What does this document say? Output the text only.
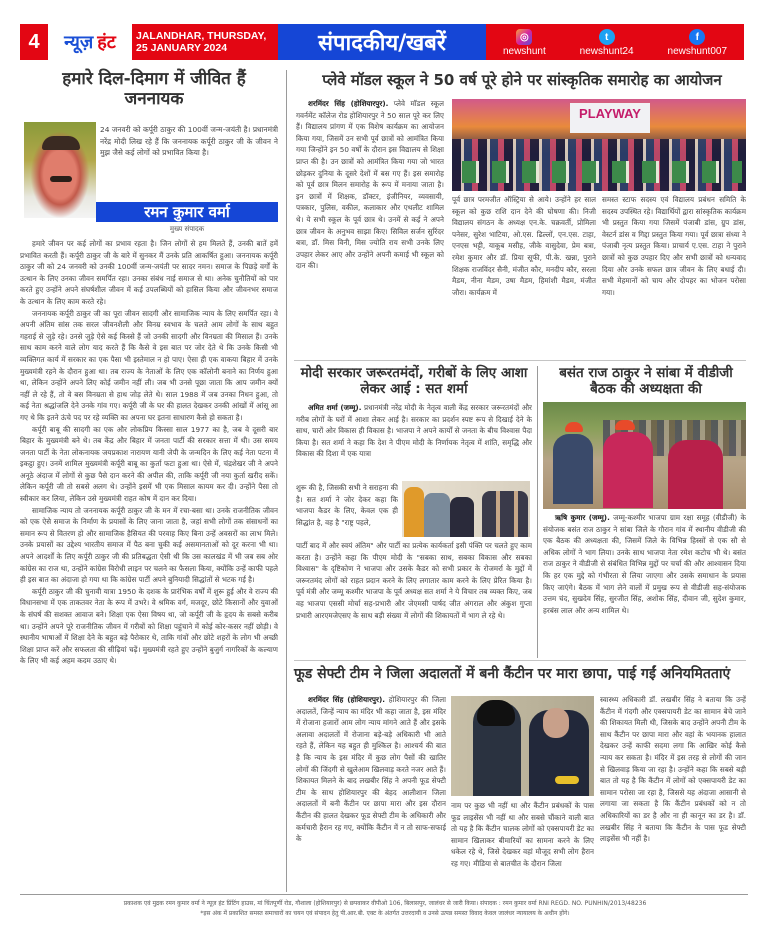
4	न्यूज़ हंट JALANDHAR, THURSDAY,
25 JANUARY 2024	संपादकीय/खबरें	◎
newshunt
t
newshunt24
f
newshunt007
हमारे दिल-दिमाग में जीवित हैं जननायक
24 जनवरी को कर्पूरी ठाकुर की 100वीं जन्म-जयंती है। प्रधानमंत्री नरेंद्र मोदी लिख रहे हैं कि जननायक कर्पूरी ठाकुर जी के जीवन ने मुझ जैसे कई लोगों को प्रभावित किया है।
रमन कुमार वर्मा
मुख्य संपादक

हमारे जीवन पर कई लोगों का प्रभाव रहता है। जिन लोगों से हम मिलते हैं, उनकी बातें हमें प्रभावित करती हैं। कर्पूरी ठाकुर जी के बारे में सुनकर मैं उनके प्रति आकर्षित हुआ। जननायक कर्पूरी ठाकुर जी को 24 जनवरी को उनकी 100वीं जन्म-जयंती पर सादर नमन। समाज के पिछड़े वर्गों के उत्थान के लिए उनका जीवन समर्पित रहा। उनका संबंध नाई समाज से था। अनेक चुनौतियों को पार करते हुए उन्होंने अपने संघर्षशील जीवन में कई उपलब्धियों को हासिल किया और जीवनभर समाज के उत्थान के लिए काम करते रहे।

जननायक कर्पूरी ठाकुर जी का पूरा जीवन सादगी और सामाजिक न्याय के लिए समर्पित रहा। वे अपनी अंतिम सांस तक सरल जीवनशैली और विनम्र स्वभाव के चलते आम लोगों के साथ बहुत गहराई से जुड़े रहे। उनसे जुड़े ऐसे कई किस्से हैं जो उनकी सादगी और विनम्रता की मिसाल हैं। उनके साथ काम करने वाले लोग याद करते हैं कि कैसे वे इस बात पर जोर देते थे कि उनके किसी भी व्यक्तिगत कार्य में सरकार का एक पैसा भी इस्तेमाल न हो पाए। ऐसा ही एक वाकया बिहार में उनके मुख्यमंत्री रहने के दौरान हुआ था। तब राज्य के नेताओं के लिए एक कॉलोनी बनाने का निर्णय हुआ था, लेकिन उन्होंने अपने लिए कोई जमीन नहीं ली। जब भी उनसे पूछा जाता कि आप जमीन क्यों नहीं ले रहे हैं, तो वे बस विनम्रता से हाथ जोड़ लेते थे। साल 1988 में जब उनका निधन हुआ, तो कई नेता श्रद्धांजलि देने उनके गांव गए। कर्पूरी जी के घर की हालत देखकर उनकी आंखों में आंसू आ गए थे कि इतने ऊंचे पद पर रहे व्यक्ति का अपना घर इतना साधारण कैसे हो सकता है।

कर्पूरी बाबू की सादगी का एक और लोकप्रिय किस्सा साल 1977 का है, जब वे दूसरी बार बिहार के मुख्यमंत्री बने थे। तब केंद्र और बिहार में जनता पार्टी की सरकार सत्ता में थी। उस समय जनता पार्टी के नेता लोकनायक जयप्रकाश नारायण यानी जेपी के जन्मदिन के लिए कई नेता पटना में इकट्ठा हुए। उनमें शामिल मुख्यमंत्री कर्पूरी बाबू का कुर्ता फटा हुआ था। ऐसे में, चंद्रशेखर जी ने अपने अनूठे अंदाज में लोगों से कुछ पैसे दान करने की अपील की, ताकि कर्पूरी जी नया कुर्ता खरीद सकें। लेकिन कर्पूरी जी तो सबसे अलग थे। उन्होंने इसमें भी एक मिसाल कायम कर दी। उन्होंने पैसा तो स्वीकार कर लिया, लेकिन उसे मुख्यमंत्री राहत कोष में दान कर दिया।

सामाजिक न्याय तो जननायक कर्पूरी ठाकुर जी के मन में रचा-बसा था। उनके राजनीतिक जीवन को एक ऐसे समाज के निर्माण के प्रयासों के लिए जाना जाता है, जहां सभी लोगों तक संसाधनों का समान रूप से वितरण हो और सामाजिक हैसियत की परवाह किए बिना उन्हें अवसरों का लाभ मिले। उनके प्रयासों का उद्देश्य भारतीय समाज में पैठ बना चुकी कई असमानताओं को दूर करना भी था। अपने आदर्शों के लिए कर्पूरी ठाकुर जी की प्रतिबद्धता ऐसी थी कि उस कालखंड में भी जब सब ओर कांग्रेस का राज था, उन्होंने कांग्रेस विरोधी लाइन पर चलने का फैसला किया, क्योंकि उन्हें काफी पहले ही इस बात का अंदाजा हो गया था कि कांग्रेस पार्टी अपने बुनियादी सिद्धांतों से भटक गई है।

कर्पूरी ठाकुर जी की चुनावी यात्रा 1950 के दशक के प्रारंभिक वर्षों में शुरू हुई और वे राज्य की विधानसभा में एक ताकतवर नेता के रूप में उभरे। वे श्रमिक वर्ग, मजदूर, छोटे किसानों और युवाओं के संघर्ष की सशक्त आवाज बने। शिक्षा एक ऐसा विषय था, जो कर्पूरी जी के हृदय के सबसे करीब था। उन्होंने अपने पूरे राजनीतिक जीवन में गरीबों को शिक्षा पहुंचाने में कोई कोर-कसर नहीं छोड़ी। वे स्थानीय भाषाओं में शिक्षा देने के बहुत बड़े पैरोकार थे, ताकि गांवों और छोटे शहरों के लोग भी अच्छी शिक्षा प्राप्त करें और सफलता की सीढ़ियां चढ़ें। मुख्यमंत्री रहते हुए उन्होंने बुजुर्ग नागरिकों के कल्याण के लिए भी कई अहम कदम उठाए थे।

प्लेवे मॉडल स्कूल ने 50 वर्ष पूरे होने पर सांस्कृतिक समारोह का आयोजन

शरमिंदर सिंह (होशियारपुर). प्लेवे मॉडल स्कूल गवर्नमेंट कॉलेज रोड होशियारपुर ने 50 साल पूरे कर लिए हैं। विद्यालय प्रांगण में एक विशेष कार्यक्रम का आयोजन किया गया, जिसमें उन सभी पूर्व छात्रों को आमंत्रित किया गया जिन्होंने इन 50 वर्षों के दौरान इस विद्यालय से शिक्षा प्राप्त की है। उन छात्रों को आमंत्रित किया गया जो भारत छोड़कर दुनिया के दूसरे देशों में बस गए हैं। इस समारोह को पूर्व छात्र मिलन समारोह के रूप में मनाया जाता है। इन छात्रों में शिक्षक, डॉक्टर, इंजीनियर, व्यवसायी, पत्रकार, पुलिस, वकील, कलाकार और एथलीट शामिल थे। ये सभी स्कूल के पूर्व छात्र थे। उनमें से कई ने अपने छात्र जीवन के अनुभव साझा किए। सिविल सर्जन सुरिंदर बत्रा, डॉ. मिस विनी, मिस ज्योति राय सभी उनके लिए उपहार लेकर आए और उन्होंने अपनी कमाई भी स्कूल को दान की।

PLAYWAY
पूर्व छात्र परमजीत ऑस्ट्रिया से आये। उन्होंने हर साल स्कूल को कुछ राशि दान देने की घोषणा की। निजी विद्यालय संगठन के अध्यक्ष एन.के. चक्रवर्ती, प्रोमिला पनेसर, सुरेश भाटिया, ओ.एस. ढिल्लों, एन.एस. टाहा, एनएस भट्टी, याकूब मसीह, जीके वासुदेवा, प्रेम बत्रा, रमेश कुमार और डॉ. प्रिया सूफी, पी.के. खन्ना, पुराने शिक्षक राजविंदर सैनी, मंजीत कौर, मनदीप कौर, सरला मैडम, नीना मैडम, उषा मैडम, हिमांशी मैडम, मंजीत जौरा। कार्यक्रम में
समस्त स्टाफ सदस्य एवं विद्यालय प्रबंधन समिति के सदस्य उपस्थित रहे। विद्यार्थियों द्वारा सांस्कृतिक कार्यक्रम भी प्रस्तुत किया गया जिसमें पंजाबी डांस, ग्रुप डांस, वेस्टर्न डांस व गिद्दा प्रस्तुत किया गया। पूर्व छात्रा संध्या ने पंजाबी नृत्य प्रस्तुत किया। प्राचार्य ए.एस. टाहा ने पुराने छात्रों को कुछ उपहार दिए और सभी छात्रों को धन्यवाद दिया और उनके सफल छात्र जीवन के लिए बधाई दी। सभी मेहमानों को चाय और दोपहर का भोजन परोसा गया।
मोदी सरकार जरूरतमंदों, गरीबों के लिए आशा लेकर आई : सत शर्मा

अमित शर्मा (जम्मू). प्रधानमंत्री नरेंद्र मोदी के नेतृत्व वाली केंद्र सरकार जरूरतमंदों और गरीब लोगों के घरों में आशा लेकर आई है। सरकार का प्रदर्शन स्पष्ट रूप से दिखाई देने के साथ, चारों ओर विकास ही विकास है। भाजपा ने अपने कार्यों से जनता के बीच विश्वास पैदा किया है। सत शर्मा ने कहा कि देश ने पीएम मोदी के निर्णायक नेतृत्व में शांति, समृद्धि और विकास की दिशा में एक यात्रा

शुरू की है, जिसकी सभी ने सराहना की है। सत शर्मा ने जोर देकर कहा कि भाजपा कैडर के लिए, केवल एक ही सिद्धांत है, वह है "राष्ट्र पहले,
पार्टी बाद में और स्वयं अंतिम" और पार्टी का प्रत्येक कार्यकर्ता इसी पंक्ति पर चलते हुए काम करता है। उन्होंने कहा कि पीएम मोदी के "सबका साथ, सबका विकास और सबका विश्वास" के दृष्टिकोण ने भाजपा और उसके कैडर को सभी प्रकार के रोजमर्रा के मुद्दों में जरूरतमंद लोगों को राहत प्रदान करने के लिए लगातार काम करने के लिए प्रेरित किया है। पूर्व मंत्री और जम्मू कश्मीर भाजपा के पूर्व अध्यक्ष सत शर्मा ने ये विचार तब व्यक्त किए, जब वह भाजपा एससी मोर्चा सह-प्रभारी और जेएमसी पार्षद जीत अंगराल और अंकुश गुप्ता प्रभारी आरएमजेएसए के साथ बड़ी संख्या में लोगों की शिकायतों में भाग ले रहे थे।
बसंत राज ठाकुर ने सांबा में वीडीजी बैठक की अध्यक्षता की

ऋषि कुमार (जम्मू). जम्मू-कश्मीर भाजपा ग्राम रक्षा समूह (वीडीजी) के संयोजक बसंत राज ठाकुर ने सांबा जिले के गौरान गांव में स्थानीय वीडीजी की एक बैठक की अध्यक्षता की, जिसमें जिले के विभिन्न हिस्सों से एक सौ से अधिक लोगों ने भाग लिया। उनके साथ भाजपा नेता रमेश कटोच भी थे। बसंत राज ठाकुर ने वीडीजी से संबंधित विभिन्न मुद्दों पर चर्चा की और आश्वासन दिया कि हर एक मुद्दे को गंभीरता से लिया जाएगा और उसके समाधान के प्रयास किए जाएंगे। बैठक में भाग लेने वालों में प्रमुख रूप से वीडीजी सह-संयोजक उत्तम चंद, सुखदेव सिंह, सुरजीत सिंह, अशोक सिंह, दीवान जी, सुदेश कुमार, हरबंस लाल और अन्य शामिल थे।

फूड सेफ्टी टीम ने जिला अदालतों में बनी कैंटीन पर मारा छापा, पाई गईं अनियमितताएं

शरमिंदर सिंह (होशियारपुर). होशियारपुर की जिला अदालतें, जिन्हें न्याय का मंदिर भी कहा जाता है, इस मंदिर में रोजाना हजारों आम लोग न्याय मांगने आते हैं और इसके अलावा अदालतों में रोजाना बड़े-बड़े अधिकारी भी आते रहते हैं, लेकिन यह बहुत ही मुश्किल है। आश्चर्य की बात है कि न्याय के इस मंदिर में कुछ लोग पैसों की खातिर लोगों की जिंदगी से खुलेआम खिलवाड़ करते नजर आते हैं। शिकायत मिलने के बाद लखबीर सिंह ने अपनी फूड सेफ्टी टीम के साथ होशियारपुर की बेहद आलीशान जिला अदालतों में बनी कैंटीन पर छापा मारा और इस दौरान कैंटीन की हालत देखकर फूड सेफ्टी टीम के अधिकारी और कर्मचारी हैरान रह गए, क्योंकि कैंटीन में न तो साफ-सफाई के

नाम पर कुछ भी नहीं था और कैंटीन प्रबंधकों के पास फूड लाइसेंस भी नहीं था और सबसे चौंकाने वाली बात तो यह है कि कैंटीन चालक लोगों को एक्सपायरी डेट का सामान खिलाकर बीमारियों का सामना करने के लिए धकेल रहे थे, जिसे देखकर वहां मौजूद सभी लोग हैरान रह गए। मीडिया से बातचीत के दौरान जिला
स्वास्थ्य अधिकारी डॉ. लखबीर सिंह ने बताया कि उन्हें कैंटीन में गंदगी और एक्सपायरी डेट का सामान बेचे जाने की शिकायत मिली थी, जिसके बाद उन्होंने अपनी टीम के साथ कैंटीन पर छापा मारा और वहां के भयानक हालात देखकर उन्हें काफी सदमा लगा कि आखिर कोई कैसे न्याय कर सकता है। मंदिर में इस तरह से लोगों की जान से खिलवाड़ किया जा रहा है। उन्होंने कहा कि सबसे बड़ी बात तो यह है कि कैंटीन में लोगों को एक्सपायरी डेट का सामान परोसा जा रहा है, जिससे यह अंदाजा आसानी से लगाया जा सकता है कि कैंटीन प्रबंधकों को न तो अधिकारियों का डर है और ना ही कानून का डर है। डॉ. लखबीर सिंह ने बताया कि कैंटीन के पास फूड सेफ्टी लाइसेंस भी नहीं है।
प्रकाशक एवं मुद्रक रमन कुमार वर्मा ने न्यूज़ हंट प्रिंटिंग हाउस, मां चिंतपूर्णी रोड, गौशाला (होशियारपुर) से छपवाकर वीपीओ 106, बिलासपुर, जालंधर से जारी किया। संपादक : रमन कुमार वर्मा RNI REGD. NO. PUNHIN/2013/48236
*इस अंक में प्रकाशित समस्त समाचारों का चयन एवं संपादन हेतु पी.आर.बी. एक्ट के अंतर्गत उत्तरदायी व उनसे उत्पन्न समस्त विवाद केवल जालंधर न्यायालय के अधीन होंगे।
